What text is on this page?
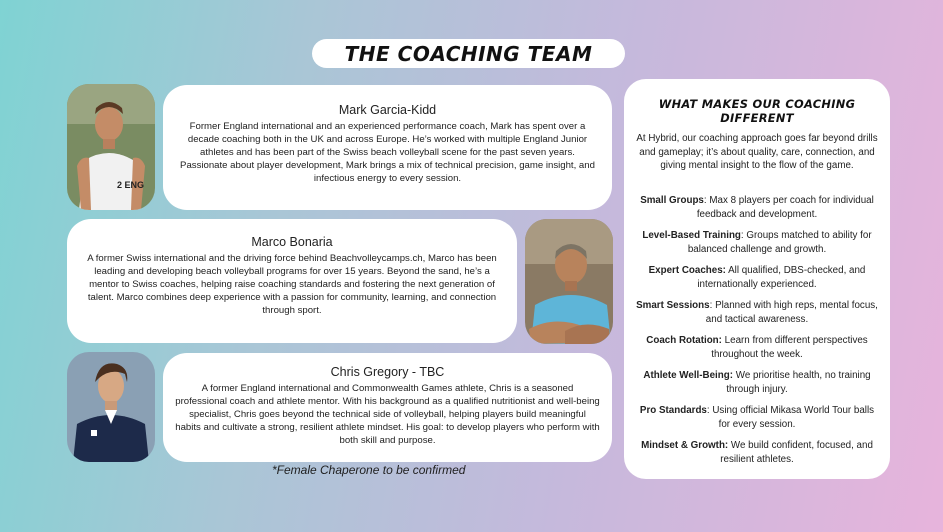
THE COACHING TEAM
2 ENG
Mark Garcia-Kidd
Former England international and an experienced performance coach, Mark has spent over a decade coaching both in the UK and across Europe. He’s worked with multiple England Junior athletes and has been part of the Swiss beach volleyball scene for the past seven years. Passionate about player development, Mark brings a mix of technical precision, game insight, and infectious energy to every session.
Marco Bonaria
A former Swiss international and the driving force behind Beachvolleycamps.ch, Marco has been leading and developing beach volleyball programs for over 15 years. Beyond the sand, he’s a mentor to Swiss coaches, helping raise coaching standards and fostering the next generation of talent. Marco combines deep experience with a passion for community, learning, and connection through sport.
Chris Gregory - TBC
A former England international and Commonwealth Games athlete, Chris is a seasoned professional coach and athlete mentor. With his background as a qualified nutritionist and well-being specialist, Chris goes beyond the technical side of volleyball, helping players build meaningful habits and cultivate a strong, resilient athlete mindset. His goal: to develop players who perform with both skill and purpose.
*Female Chaperone to be confirmed
WHAT MAKES OUR COACHING DIFFERENT
At Hybrid, our coaching approach goes far beyond drills and gameplay; it’s about quality, care, connection, and giving mental insight to the flow of the game.
Small Groups: Max 8 players per coach for individual feedback and development.
Level-Based Training: Groups matched to ability for balanced challenge and growth.
Expert Coaches: All qualified, DBS-checked, and internationally experienced.
Smart Sessions: Planned with high reps, mental focus, and tactical awareness.
Coach Rotation: Learn from different perspectives throughout the week.
Athlete Well-Being: We prioritise health, no training through injury.
Pro Standards: Using official Mikasa World Tour balls for every session.
Mindset & Growth: We build confident, focused, and resilient athletes.
